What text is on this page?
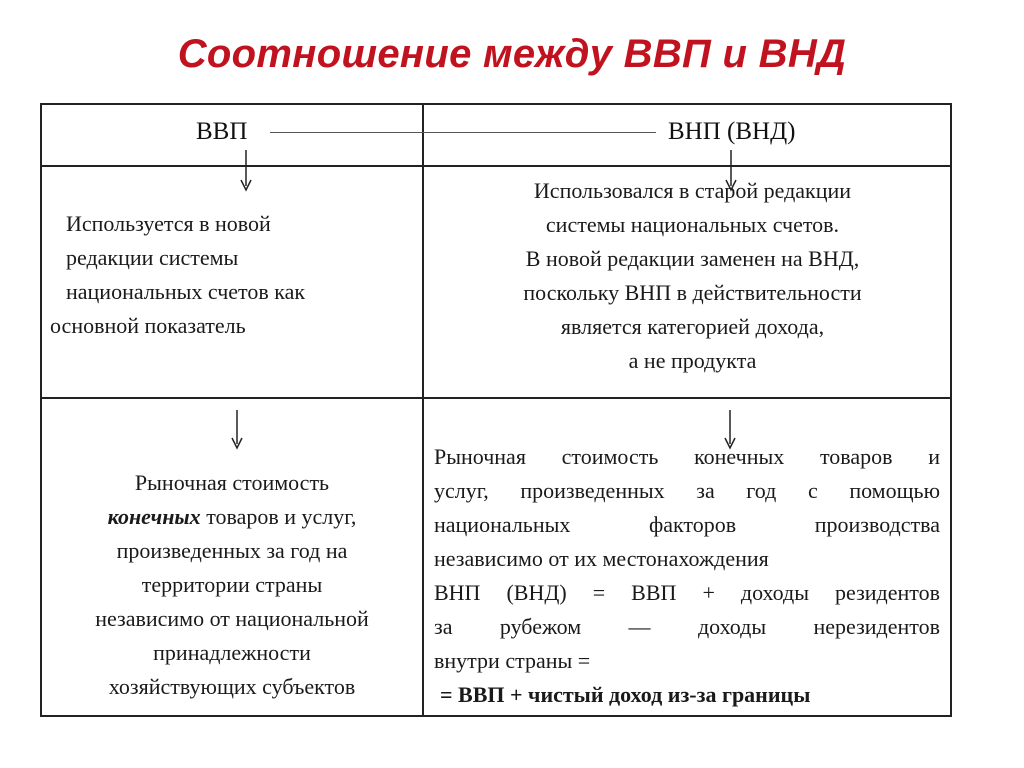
Соотношение между ВВП и ВНД
ВВП	ВНП (ВНД)
Используется в новой
редакции системы
национальных счетов как
основной показатель
Использовался в старой редакции
системы национальных счетов.
В новой редакции заменен на ВНД,
поскольку ВНП в действительности
является категорией дохода,
а не продукта
Рыночная стоимость
конечных товаров и услуг,
произведенных за год на
территории страны
независимо от национальной
принадлежности
хозяйствующих субъектов
Рыночная стоимость конечных товаров и
услуг, произведенных за год с помощью
национальных факторов производства
независимо от их местонахождения
ВНП (ВНД) = ВВП + доходы резидентов
за рубежом — доходы нерезидентов
внутри страны =
= ВВП + чистый доход из-за границы
